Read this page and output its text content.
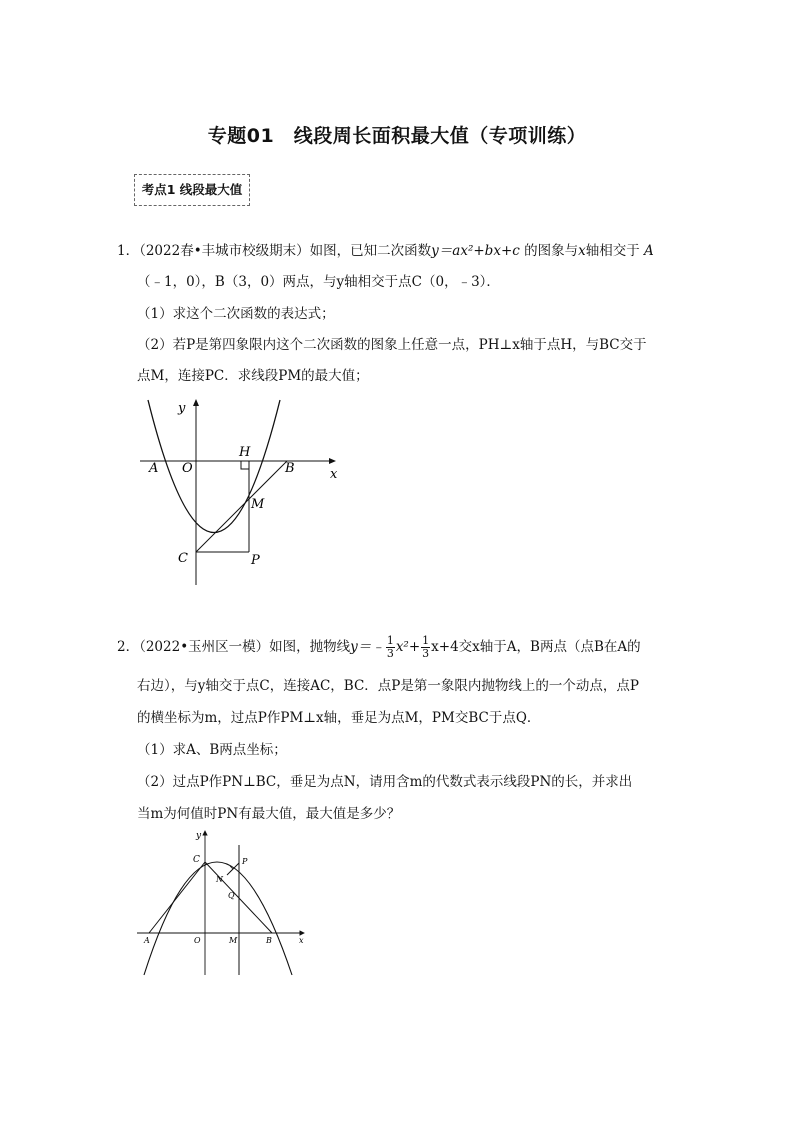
专题01　线段周长面积最大值（专项训练）
考点1 线段最大值
1．（2022春•丰城市校级期末）如图，已知二次函数y＝ax²+bx+c 的图象与x轴相交于 A
（﹣1，0），B（3，0）两点，与y轴相交于点C（0，﹣3）．
（1）求这个二次函数的表达式；
（2）若P是第四象限内这个二次函数的图象上任意一点，PH⊥x轴于点H，与BC交于
点M，连接PC．求线段PM的最大值；
A O
H
B	x
y
M
C	P
2．（2022•玉州区一模）如图，抛物线y＝﹣ $\frac{1}{3} x^2+ \frac{1}{3} x+4$交x轴于A，B两点（点B在A的
右边），与y轴交于点C，连接AC，BC．点P是第一象限内抛物线上的一个动点，点P
的横坐标为m，过点P作PM⊥x轴，垂足为点M，PM交BC于点Q．
（1）求A、B两点坐标；
（2）过点P作PN⊥BC，垂足为点N，请用含m的代数式表示线段PN的长，并求出
当m为何值时PN有最大值，最大值是多少？
y
C	P
N
Q
A	O	M	B	x
